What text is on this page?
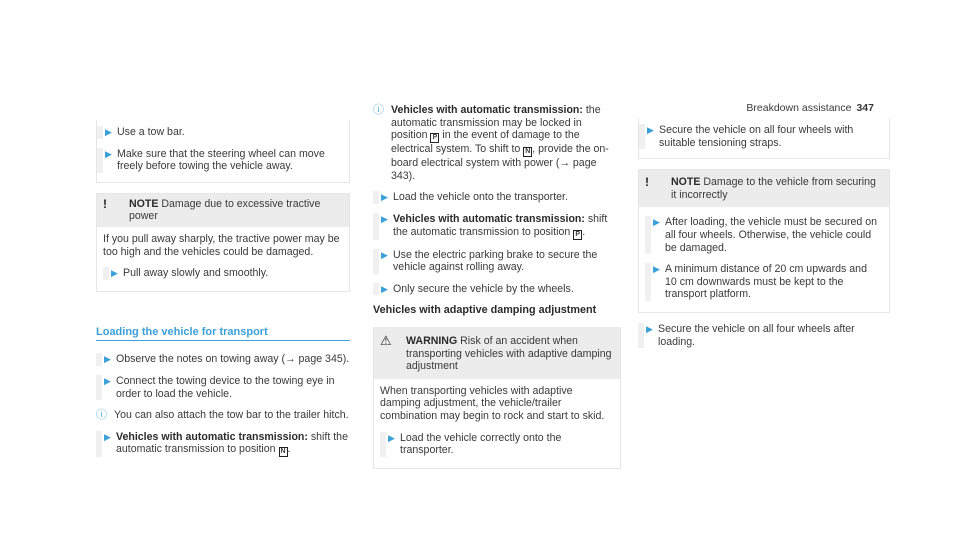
Breakdown assistance 347
▶ Use a tow bar.
▶ Make sure that the steering wheel can move freely before towing the vehicle away.
!	NOTE Damage due to excessive tractive power
If you pull away sharply, the tractive power may be too high and the vehicles could be damaged.
▶ Pull away slowly and smoothly.
Loading the vehicle for transport
▶ Observe the notes on towing away (→ page 345).
▶ Connect the towing device to the towing eye in order to load the vehicle.
ⓘ You can also attach the tow bar to the trailer hitch.
▶ Vehicles with automatic transmission: shift the automatic transmission to position N .
ⓘ Vehicles with automatic transmission: the automatic transmission may be locked in position P in the event of damage to the electrical system. To shift to N , provide the on-board electrical system with power (→ page 343).
▶ Load the vehicle onto the transporter.
▶ Vehicles with automatic transmission: shift the automatic transmission to position P .
▶ Use the electric parking brake to secure the vehicle against rolling away.
▶ Only secure the vehicle by the wheels.
Vehicles with adaptive damping adjustment
⚠	WARNING Risk of an accident when transporting vehicles with adaptive damping adjustment
When transporting vehicles with adaptive damping adjustment, the vehicle/trailer combination may begin to rock and start to skid.
▶ Load the vehicle correctly onto the transporter.
▶ Secure the vehicle on all four wheels with suitable tensioning straps.
!	NOTE Damage to the vehicle from securing it incorrectly
▶ After loading, the vehicle must be secured on all four wheels. Otherwise, the vehicle could be damaged.
▶ A minimum distance of 20 cm upwards and 10 cm downwards must be kept to the transport platform.
▶ Secure the vehicle on all four wheels after loading.
